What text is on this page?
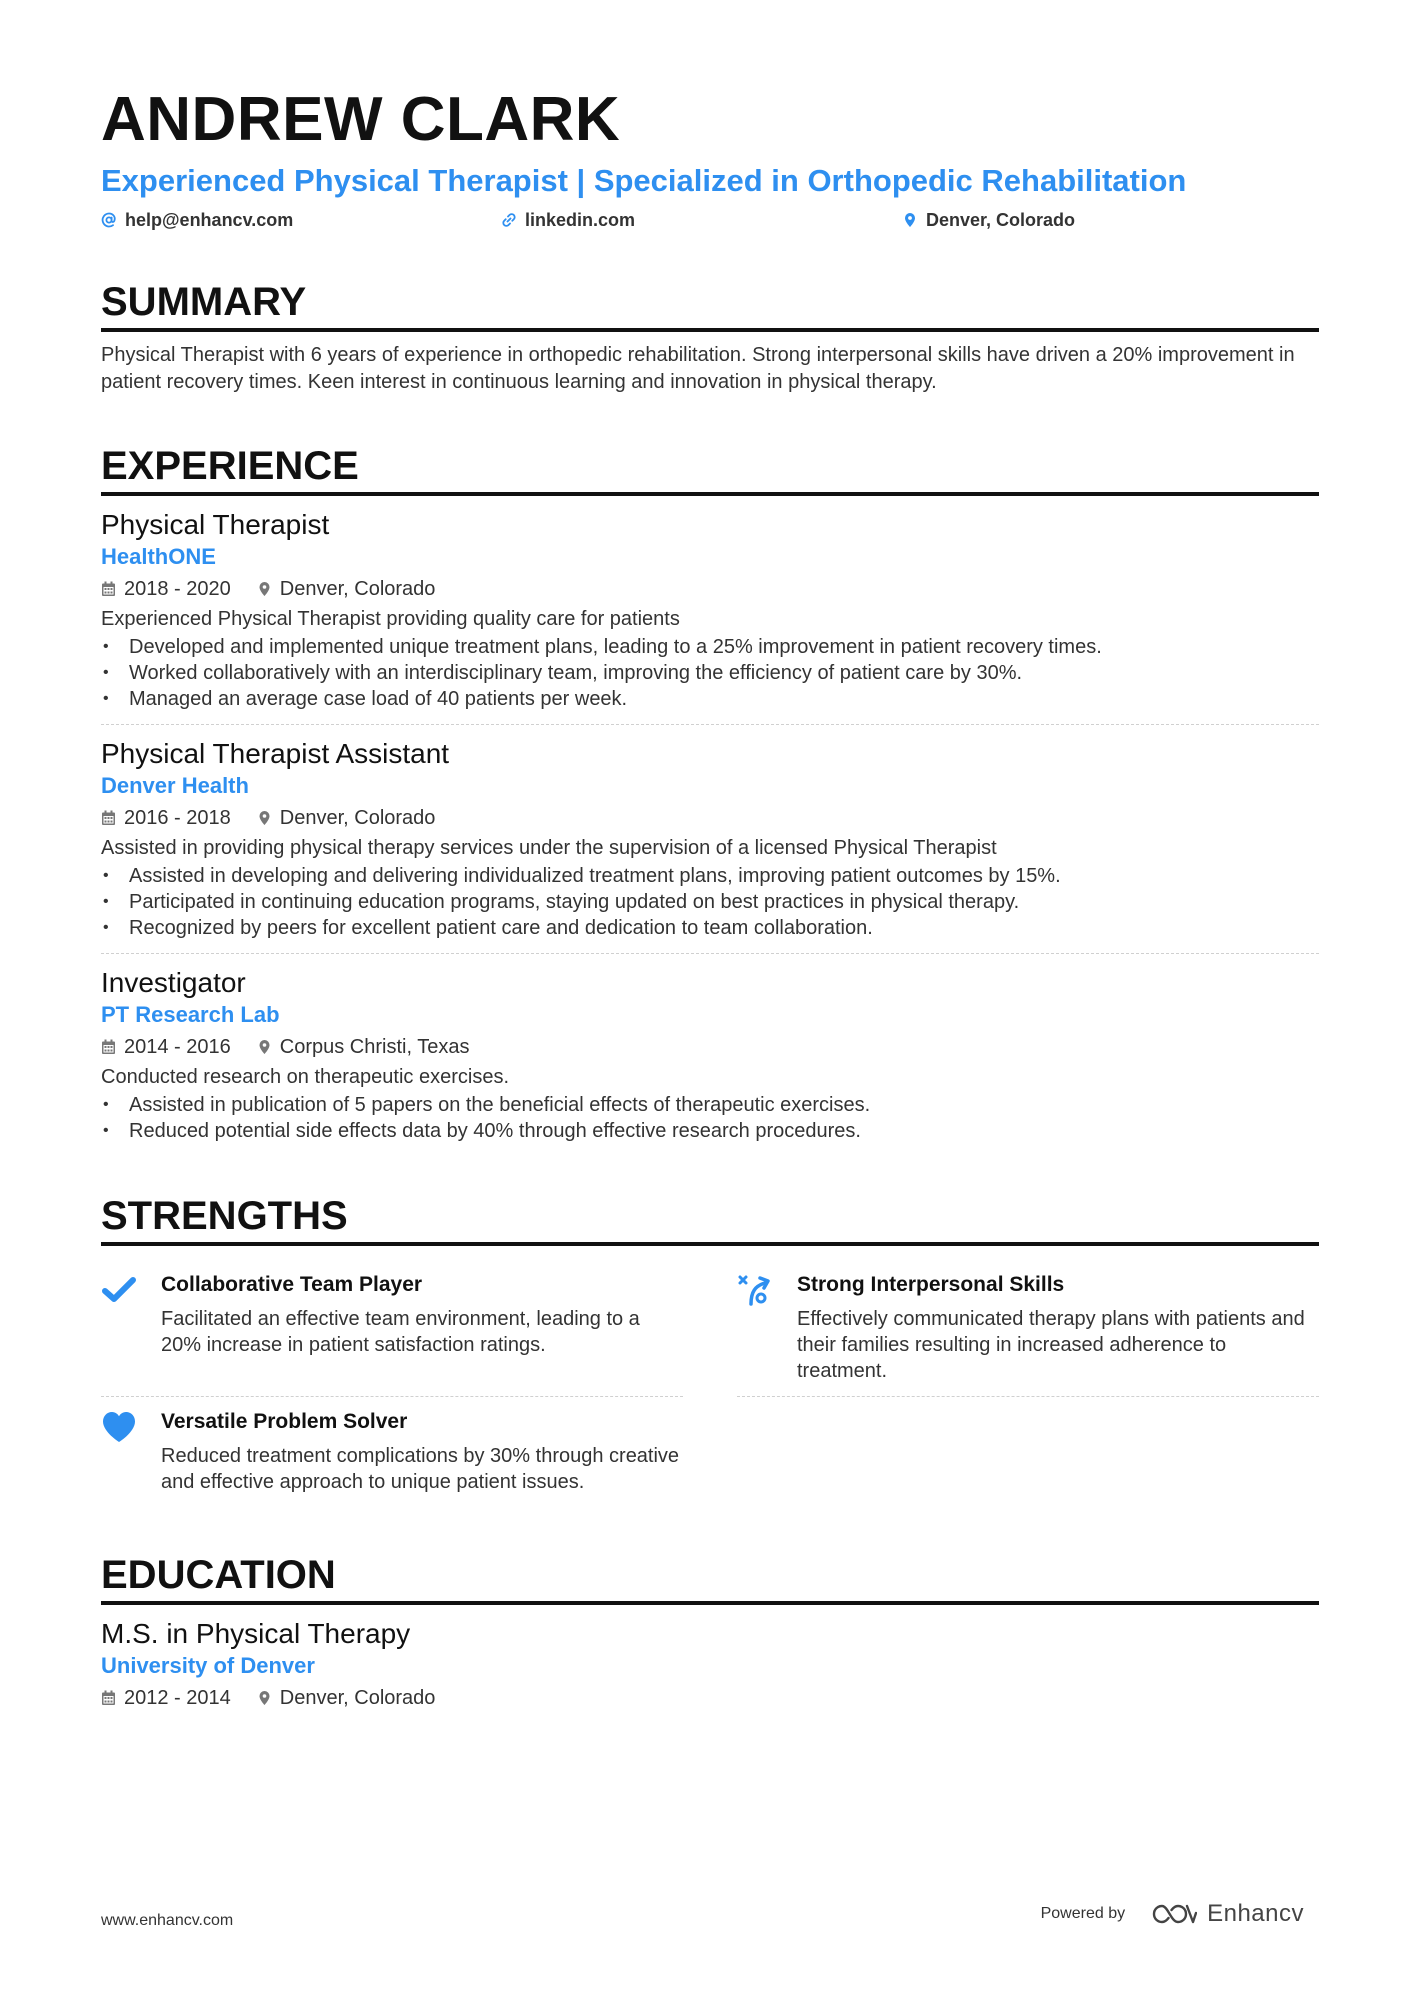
ANDREW CLARK
Experienced Physical Therapist | Specialized in Orthopedic Rehabilitation
help@enhancv.com	linkedin.com	Denver, Colorado
SUMMARY

Physical Therapist with 6 years of experience in orthopedic rehabilitation. Strong interpersonal skills have driven a 20% improvement in patient recovery times. Keen interest in continuous learning and innovation in physical therapy.

EXPERIENCE
Physical Therapist
HealthONE
2018 - 2020 Denver, Colorado
Experienced Physical Therapist providing quality care for patients
• Developed and implemented unique treatment plans, leading to a 25% improvement in patient recovery times.
• Worked collaboratively with an interdisciplinary team, improving the efficiency of patient care by 30%.
• Managed an average case load of 40 patients per week.
Physical Therapist Assistant
Denver Health
2016 - 2018 Denver, Colorado
Assisted in providing physical therapy services under the supervision of a licensed Physical Therapist
• Assisted in developing and delivering individualized treatment plans, improving patient outcomes by 15%.
• Participated in continuing education programs, staying updated on best practices in physical therapy.
• Recognized by peers for excellent patient care and dedication to team collaboration.
Investigator
PT Research Lab
2014 - 2016 Corpus Christi, Texas
Conducted research on therapeutic exercises.
• Assisted in publication of 5 papers on the beneficial effects of therapeutic exercises.
• Reduced potential side effects data by 40% through effective research procedures.
STRENGTHS
Collaborative Team Player
Facilitated an effective team environment, leading to a 20% increase in patient satisfaction ratings.
Strong Interpersonal Skills
Effectively communicated therapy plans with patients and their families resulting in increased adherence to treatment.
Versatile Problem Solver
Reduced treatment complications by 30% through creative and effective approach to unique patient issues.
EDUCATION
M.S. in Physical Therapy
University of Denver
2012 - 2014 Denver, Colorado
www.enhancv.com	Powered by	Enhancv
